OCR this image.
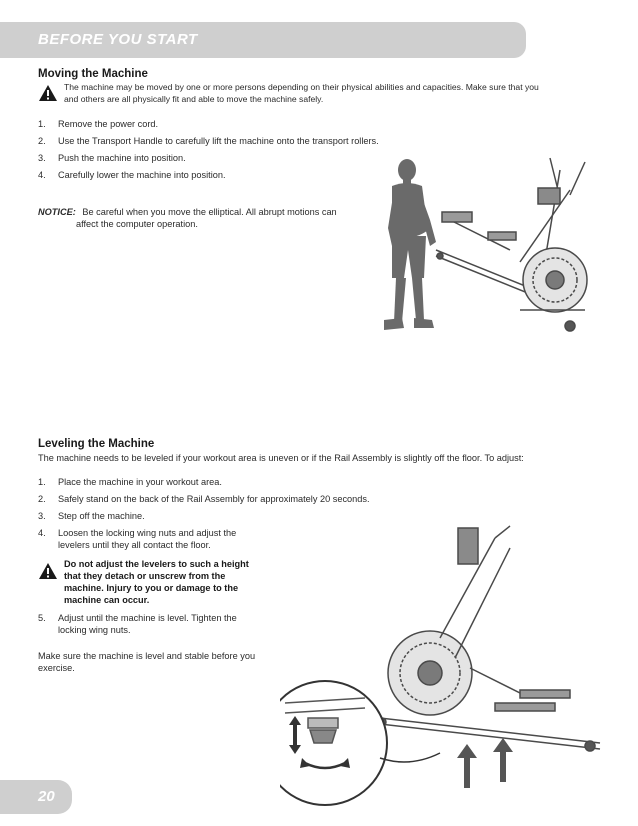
BEFORE YOU START
Moving the Machine
The machine may be moved by one or more persons depending on their physical abilities and capacities. Make sure that you
and others are all physically fit and able to move the machine safely.
1. Remove the power cord.
2. Use the Transport Handle to carefully lift the machine onto the transport rollers.
3. Push the machine into position.
4. Carefully lower the machine into position.
NOTICE: Be careful when you move the elliptical. All abrupt motions can
affect the computer operation.
Leveling the Machine
The machine needs to be leveled if your workout area is uneven or if the Rail Assembly is slightly off the floor. To adjust:
1. Place the machine in your workout area.
2. Safely stand on the back of the Rail Assembly for approximately 20 seconds.
3. Step off the machine.
4. Loosen the locking wing nuts and adjust the
levelers until they all contact the floor.
Do not adjust the levelers to such a height
that they detach or unscrew from the
machine. Injury to you or damage to the
machine can occur.
5. Adjust until the machine is level. Tighten the
locking wing nuts.
Make sure the machine is level and stable before you
exercise.
20
